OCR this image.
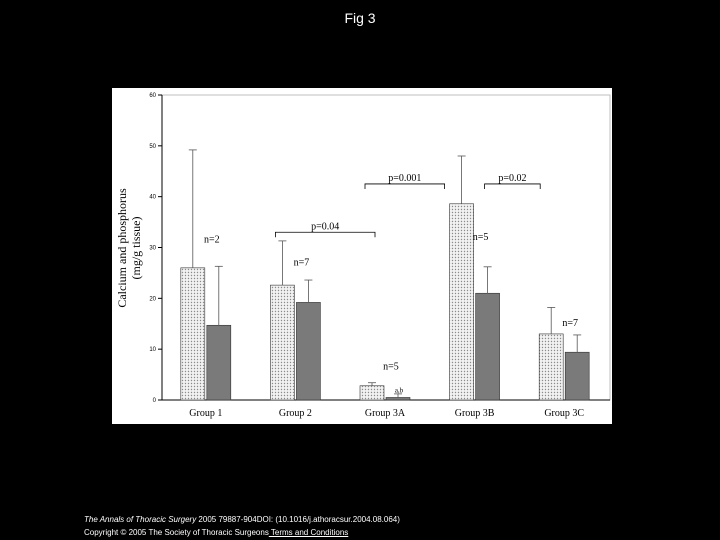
Fig 3
0
10
20
30
40
50
60
Group 1	Group 2	Group 3A	Group 3B	Group 3C
n=2
n=7
n=5
a,b
n=5
n=7
p=0.04
p=0.001	p=0.02
Calcium and phosphorus (mg/g tissue)
The Annals of Thoracic Surgery 2005 79887-904DOI: (10.1016/j.athoracsur.2004.08.064)
Copyright © 2005 The Society of Thoracic Surgeons Terms and Conditions
